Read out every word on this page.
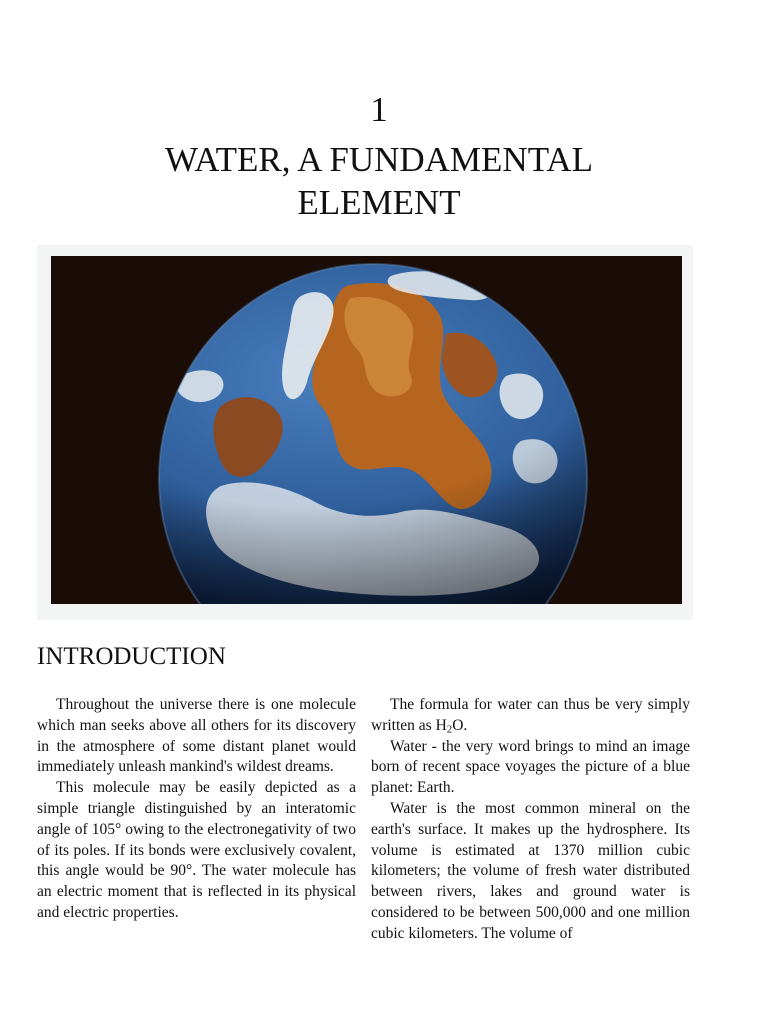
1
WATER, A FUNDAMENTAL
ELEMENT
INTRODUCTION

Throughout the universe there is one molecule which man seeks above all others for its discovery in the atmosphere of some distant planet would immediately unleash mankind's wildest dreams.

This molecule may be easily depicted as a simple triangle distinguished by an interatomic angle of 105° owing to the electronegativity of two of its poles. If its bonds were exclusively covalent, this angle would be 90°. The water molecule has an electric moment that is reflected in its physical and electric properties.

The formula for water can thus be very simply written as $H_2O$.

Water - the very word brings to mind an image born of recent space voyages the picture of a blue planet: Earth.

Water is the most common mineral on the earth's surface. It makes up the hydrosphere. Its volume is estimated at 1370 million cubic kilometers; the volume of fresh water distributed between rivers, lakes and ground water is considered to be between 500,000 and one million cubic kilometers. The volume of
